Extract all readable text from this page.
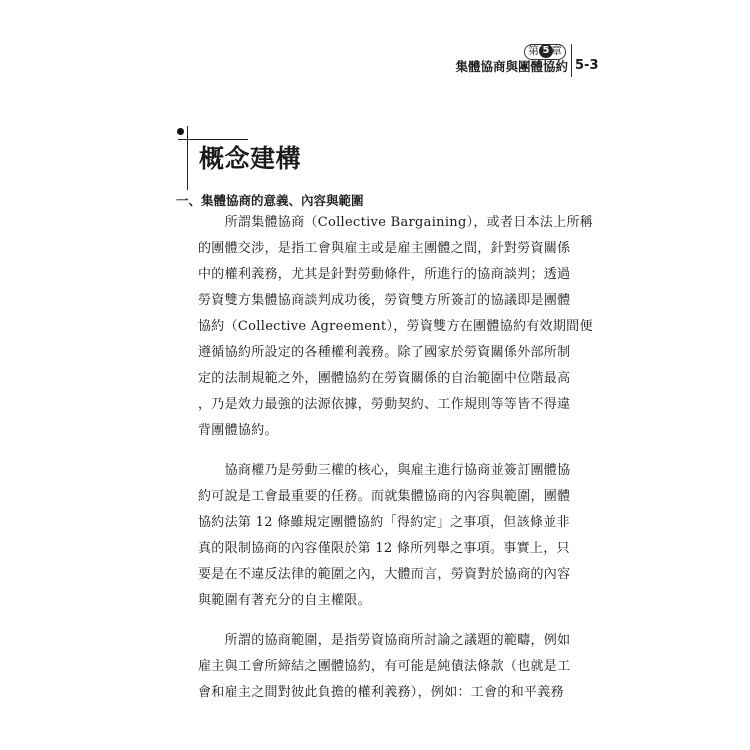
第 5 章
集體協商與團體協約 5-3
概念建構
一、集體協商的意義、內容與範圍
　　所謂集體協商（Collective Bargaining），或者日本法上所稱
的團體交涉，是指工會與雇主或是雇主團體之間，針對勞資關係
中的權利義務，尤其是針對勞動條件，所進行的協商談判；透過
勞資雙方集體協商談判成功後，勞資雙方所簽訂的協議即是團體
協約（Collective Agreement），勞資雙方在團體協約有效期間便
遵循協約所設定的各種權利義務。除了國家於勞資關係外部所制
定的法制規範之外，團體協約在勞資關係的自治範圍中位階最高
，乃是效力最強的法源依據，勞動契約、工作規則等等皆不得違
背團體協約。
　　協商權乃是勞動三權的核心，與雇主進行協商並簽訂團體協
約可說是工會最重要的任務。而就集體協商的內容與範圍，團體
協約法第 12 條雖規定團體協約「得約定」之事項，但該條並非
真的限制協商的內容僅限於第 12 條所列舉之事項。事實上，只
要是在不違反法律的範圍之內，大體而言，勞資對於協商的內容
與範圍有著充分的自主權限。
　　所謂的協商範圍，是指勞資協商所討論之議題的範疇，例如
雇主與工會所締結之團體協約，有可能是純債法條款（也就是工
會和雇主之間對彼此負擔的權利義務），例如：工會的和平義務
